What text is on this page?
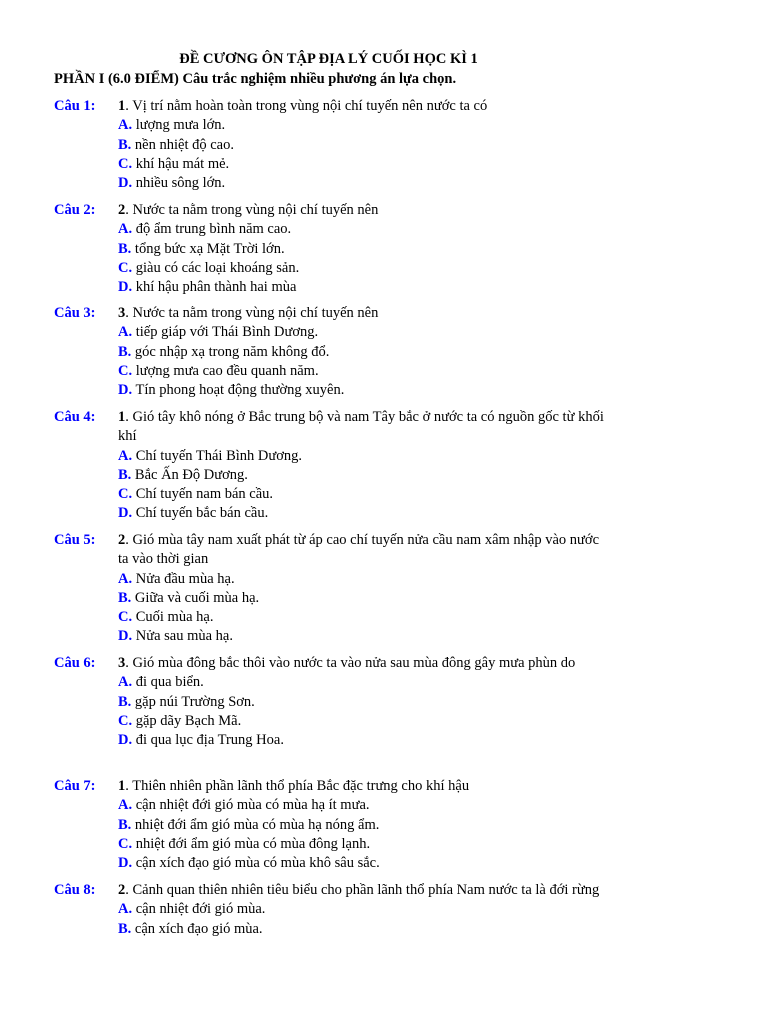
ĐỀ CƯƠNG ÔN TẬP ĐỊA LÝ CUỐI HỌC KÌ 1
PHẦN I (6.0 ĐIỂM) Câu trắc nghiệm nhiều phương án lựa chọn.
Câu 1: 1. Vị trí nằm hoàn toàn trong vùng nội chí tuyến nên nước ta có
A. lượng mưa lớn.
B. nền nhiệt độ cao.
C. khí hậu mát mẻ.
D. nhiều sông lớn.
Câu 2: 2. Nước ta nằm trong vùng nội chí tuyến nên
A. độ ẩm trung bình năm cao.
B. tổng bức xạ Mặt Trời lớn.
C. giàu có các loại khoáng sản.
D. khí hậu phân thành hai mùa
Câu 3: 3. Nước ta nằm trong vùng nội chí tuyến nên
A. tiếp giáp với Thái Bình Dương.
B. góc nhập xạ trong năm không đổ.
C. lượng mưa cao đều quanh năm.
D. Tín phong hoạt động thường xuyên.
Câu 4: 1. Gió tây khô nóng ở Bắc trung bộ và nam Tây bắc ở nước ta có nguồn gốc từ khối khí
A. Chí tuyến Thái Bình Dương.
B. Bắc Ấn Độ Dương.
C. Chí tuyến nam bán cầu.
D. Chí tuyến bắc bán cầu.
Câu 5: 2. Gió mùa tây nam xuất phát từ áp cao chí tuyến nửa cầu nam xâm nhập vào nước ta vào thời gian
A. Nửa đầu mùa hạ.
B. Giữa và cuối mùa hạ.
C. Cuối mùa hạ.
D. Nửa sau mùa hạ.
Câu 6: 3. Gió mùa đông bắc thôi vào nước ta vào nửa sau mùa đông gây mưa phùn do
A. đi qua biển.
B. gặp núi Trường Sơn.
C. gặp dãy Bạch Mã.
D. đi qua lục địa Trung Hoa.
Câu 7: 1. Thiên nhiên phần lãnh thổ phía Bắc đặc trưng cho khí hậu
A. cận nhiệt đới gió mùa có mùa hạ ít mưa.
B. nhiệt đới ẩm gió mùa có mùa hạ nóng ẩm.
C. nhiệt đới ẩm gió mùa có mùa đông lạnh.
D. cận xích đạo gió mùa có mùa khô sâu sắc.
Câu 8: 2. Cảnh quan thiên nhiên tiêu biểu cho phần lãnh thổ phía Nam nước ta là đới rừng
A. cận nhiệt đới gió mùa.
B. cận xích đạo gió mùa.
